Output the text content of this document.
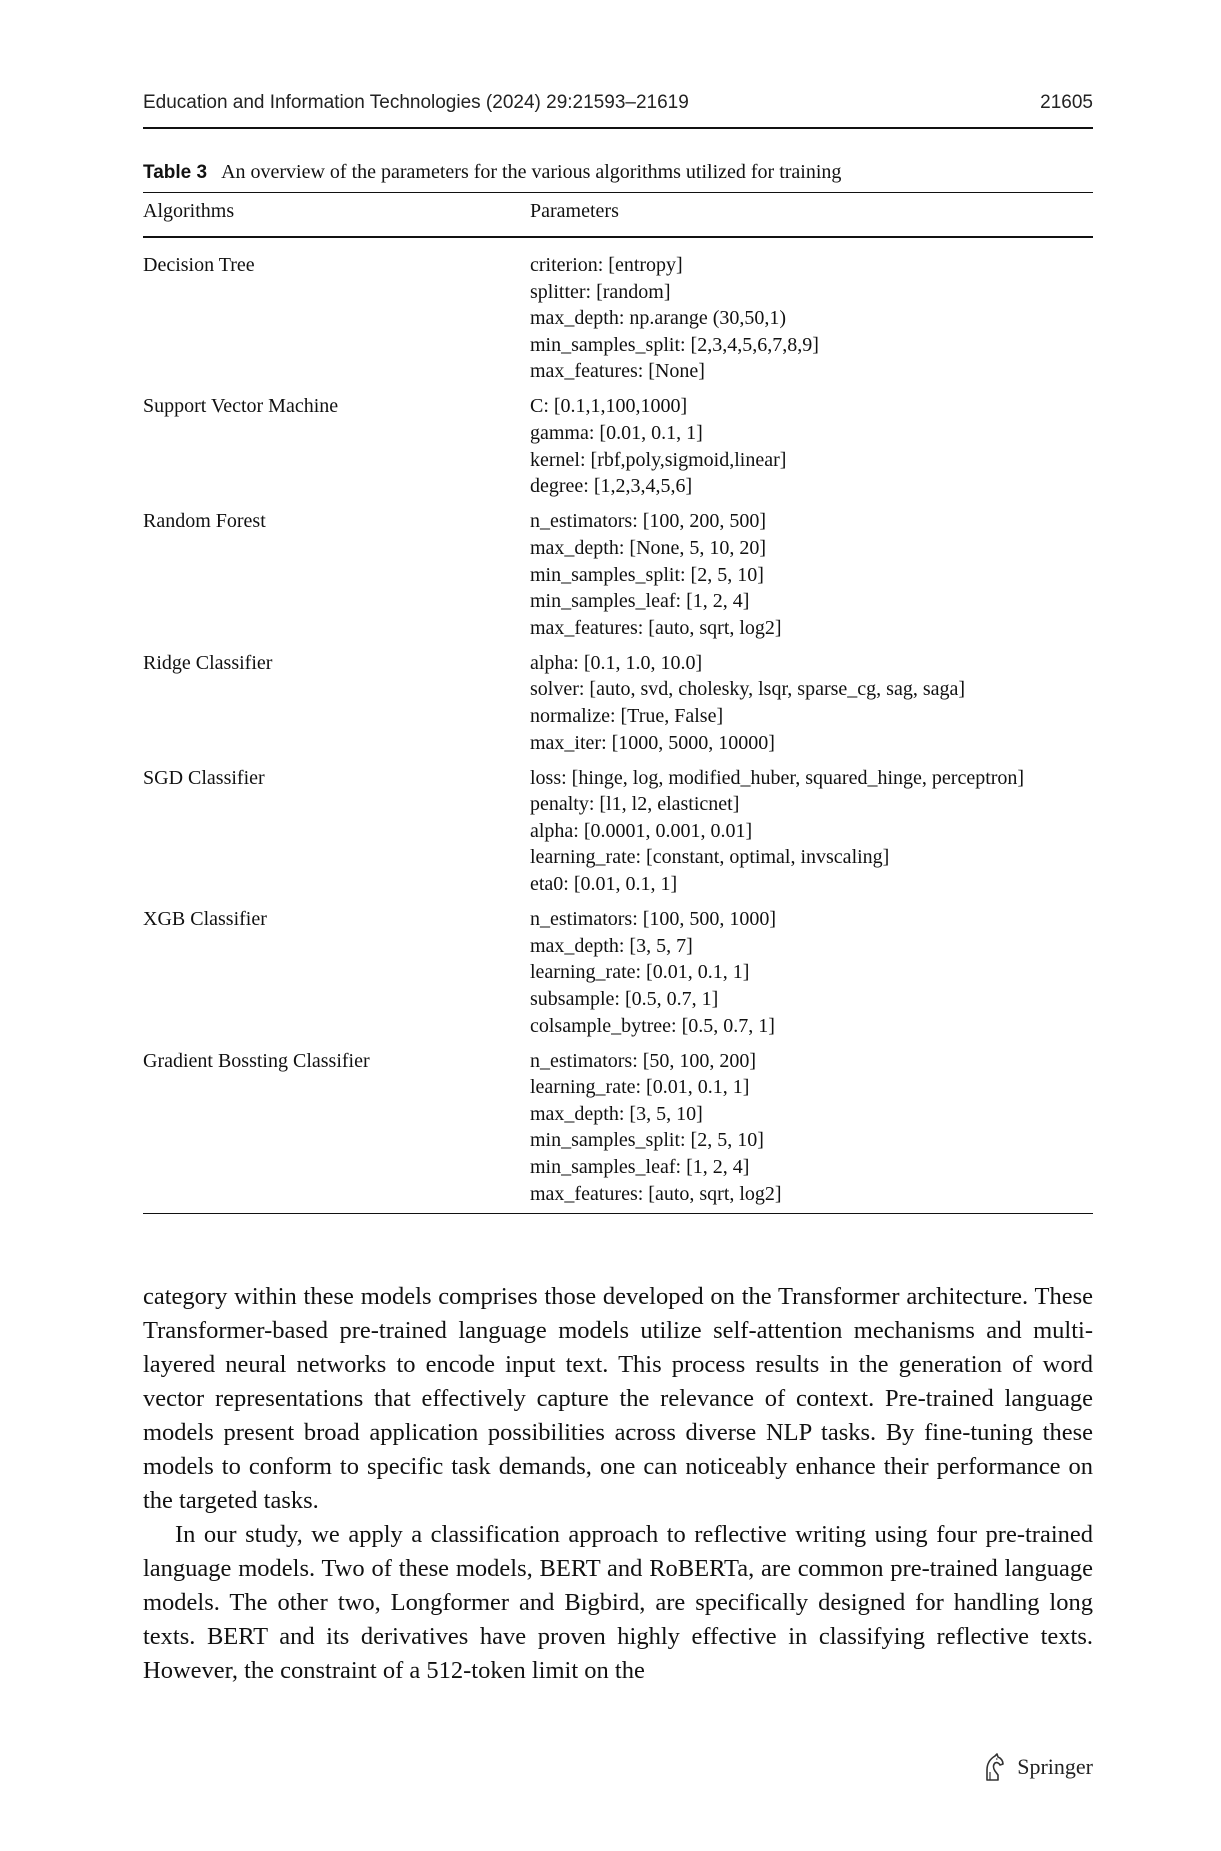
Education and Information Technologies (2024) 29:21593–21619	21605
Table 3 An overview of the parameters for the various algorithms utilized for training
Algorithms	Parameters
Decision Tree	criterion: [entropy]
splitter: [random]
max_depth: np.arange (30,50,1)
min_samples_split: [2,3,4,5,6,7,8,9]
max_features: [None]
Support Vector Machine	C: [0.1,1,100,1000]
gamma: [0.01, 0.1, 1]
kernel: [rbf,poly,sigmoid,linear]
degree: [1,2,3,4,5,6]
Random Forest	n_estimators: [100, 200, 500]
max_depth: [None, 5, 10, 20]
min_samples_split: [2, 5, 10]
min_samples_leaf: [1, 2, 4]
max_features: [auto, sqrt, log2]
Ridge Classifier	alpha: [0.1, 1.0, 10.0]
solver: [auto, svd, cholesky, lsqr, sparse_cg, sag, saga]
normalize: [True, False]
max_iter: [1000, 5000, 10000]
SGD Classifier	loss: [hinge, log, modified_huber, squared_hinge, perceptron]
penalty: [l1, l2, elasticnet]
alpha: [0.0001, 0.001, 0.01]
learning_rate: [constant, optimal, invscaling]
eta0: [0.01, 0.1, 1]
XGB Classifier	n_estimators: [100, 500, 1000]
max_depth: [3, 5, 7]
learning_rate: [0.01, 0.1, 1]
subsample: [0.5, 0.7, 1]
colsample_bytree: [0.5, 0.7, 1]
Gradient Bossting Classifier	n_estimators: [50, 100, 200]
learning_rate: [0.01, 0.1, 1]
max_depth: [3, 5, 10]
min_samples_split: [2, 5, 10]
min_samples_leaf: [1, 2, 4]
max_features: [auto, sqrt, log2]

category within these models comprises those developed on the Transformer architecture. These Transformer-based pre-trained language models utilize self-attention mechanisms and multi-layered neural networks to encode input text. This process results in the generation of word vector representations that effectively capture the relevance of context. Pre-trained language models present broad application possibilities across diverse NLP tasks. By fine-tuning these models to conform to specific task demands, one can noticeably enhance their performance on the targeted tasks.

In our study, we apply a classification approach to reflective writing using four pre-trained language models. Two of these models, BERT and RoBERTa, are common pre-trained language models. The other two, Longformer and Bigbird, are specifically designed for handling long texts. BERT and its derivatives have proven highly effective in classifying reflective texts. However, the constraint of a 512-token limit on the

Springer
